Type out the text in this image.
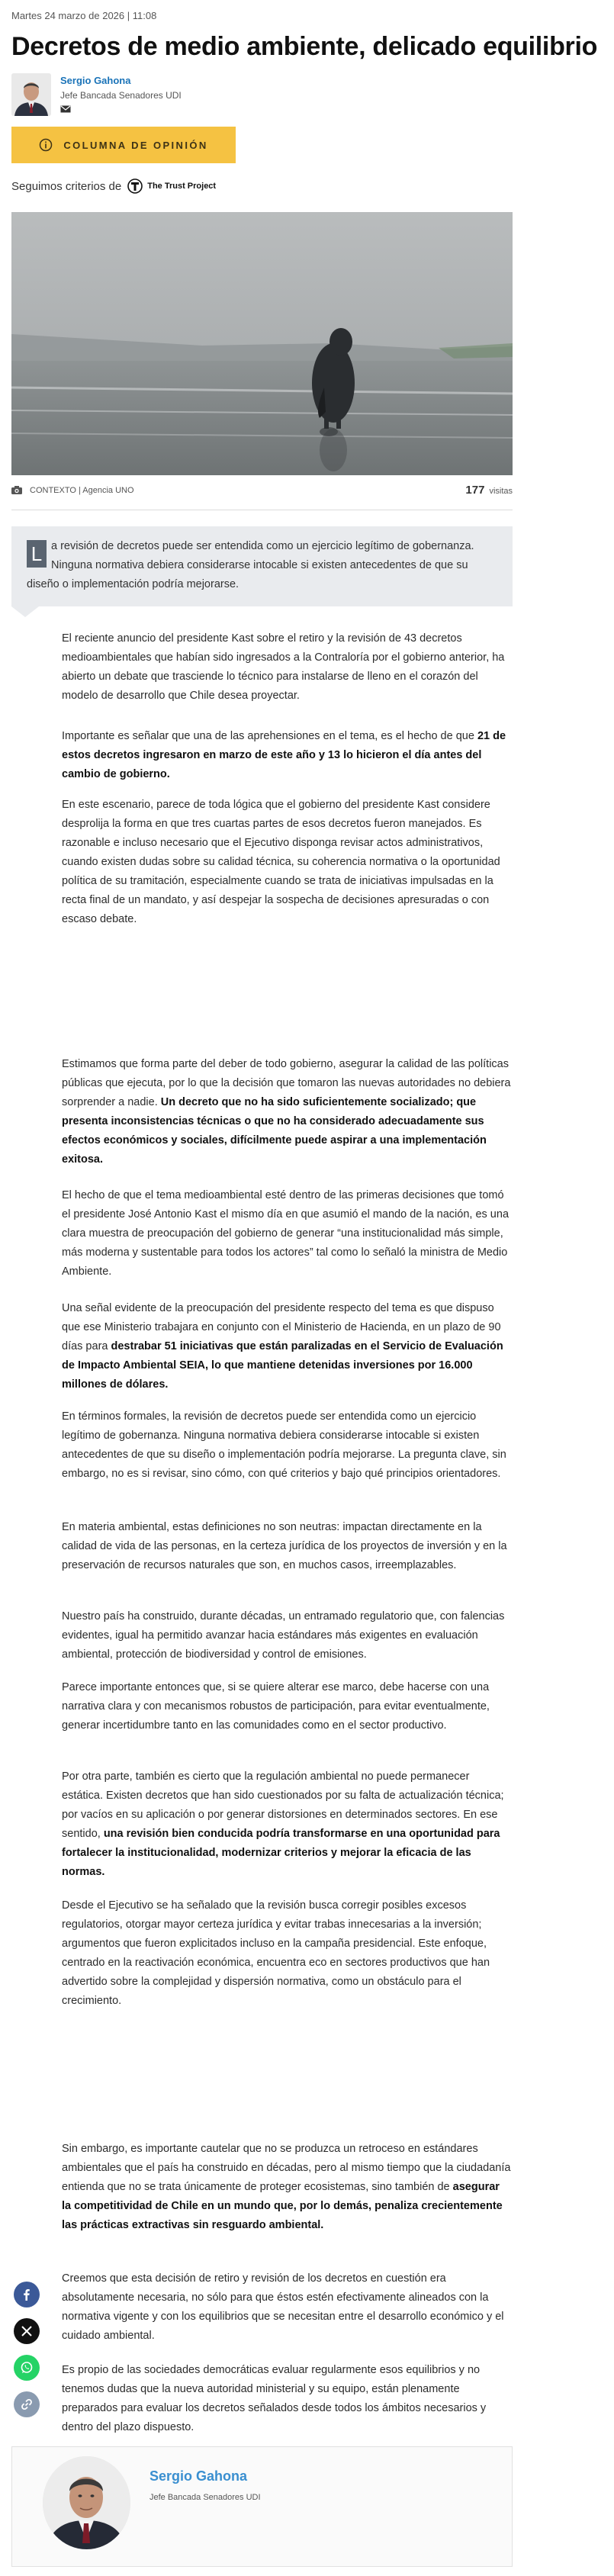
Martes 24 marzo de 2026 | 11:08
Decretos de medio ambiente, delicado equilibrio
Sergio Gahona
Jefe Bancada Senadores UDI
COLUMNA DE OPINIÓN
Seguimos criterios de	The Trust Project
CONTEXTO | Agencia UNO	177 visitas
L a revisión de decretos puede ser entendida como un ejercicio legítimo de gobernanza. Ninguna normativa debiera considerarse intocable si existen antecedentes de que su diseño o implementación podría mejorarse.

El reciente anuncio del presidente Kast sobre el retiro y la revisión de 43 decretos medioambientales que habían sido ingresados a la Contraloría por el gobierno anterior, ha abierto un debate que trasciende lo técnico para instalarse de lleno en el corazón del modelo de desarrollo que Chile desea proyectar.
Importante es señalar que una de las aprehensiones en el tema, es el hecho de que 21 de estos decretos ingresaron en marzo de este año y 13 lo hicieron el día antes del cambio de gobierno.
En este escenario, parece de toda lógica que el gobierno del presidente Kast considere desprolija la forma en que tres cuartas partes de esos decretos fueron manejados. Es razonable e incluso necesario que el Ejecutivo disponga revisar actos administrativos, cuando existen dudas sobre su calidad técnica, su coherencia normativa o la oportunidad política de su tramitación, especialmente cuando se trata de iniciativas impulsadas en la recta final de un mandato, y así despejar la sospecha de decisiones apresuradas o con escaso debate.
Estimamos que forma parte del deber de todo gobierno, asegurar la calidad de las políticas públicas que ejecuta, por lo que la decisión que tomaron las nuevas autoridades no debiera sorprender a nadie. Un decreto que no ha sido suficientemente socializado; que presenta inconsistencias técnicas o que no ha considerado adecuadamente sus efectos económicos y sociales, difícilmente puede aspirar a una implementación exitosa.
El hecho de que el tema medioambiental esté dentro de las primeras decisiones que tomó el presidente José Antonio Kast el mismo día en que asumió el mando de la nación, es una clara muestra de preocupación del gobierno de generar “una institucionalidad más simple, más moderna y sustentable para todos los actores” tal como lo señaló la ministra de Medio Ambiente.
Una señal evidente de la preocupación del presidente respecto del tema es que dispuso que ese Ministerio trabajara en conjunto con el Ministerio de Hacienda, en un plazo de 90 días para destrabar 51 iniciativas que están paralizadas en el Servicio de Evaluación de Impacto Ambiental SEIA, lo que mantiene detenidas inversiones por 16.000 millones de dólares.
En términos formales, la revisión de decretos puede ser entendida como un ejercicio legítimo de gobernanza. Ninguna normativa debiera considerarse intocable si existen antecedentes de que su diseño o implementación podría mejorarse. La pregunta clave, sin embargo, no es si revisar, sino cómo, con qué criterios y bajo qué principios orientadores.
En materia ambiental, estas definiciones no son neutras: impactan directamente en la calidad de vida de las personas, en la certeza jurídica de los proyectos de inversión y en la preservación de recursos naturales que son, en muchos casos, irreemplazables.
Nuestro país ha construido, durante décadas, un entramado regulatorio que, con falencias evidentes, igual ha permitido avanzar hacia estándares más exigentes en evaluación ambiental, protección de biodiversidad y control de emisiones.
Parece importante entonces que, si se quiere alterar ese marco, debe hacerse con una narrativa clara y con mecanismos robustos de participación, para evitar eventualmente, generar incertidumbre tanto en las comunidades como en el sector productivo.
Por otra parte, también es cierto que la regulación ambiental no puede permanecer estática. Existen decretos que han sido cuestionados por su falta de actualización técnica; por vacíos en su aplicación o por generar distorsiones en determinados sectores. En ese sentido, una revisión bien conducida podría transformarse en una oportunidad para fortalecer la institucionalidad, modernizar criterios y mejorar la eficacia de las normas.
Desde el Ejecutivo se ha señalado que la revisión busca corregir posibles excesos regulatorios, otorgar mayor certeza jurídica y evitar trabas innecesarias a la inversión; argumentos que fueron explicitados incluso en la campaña presidencial. Este enfoque, centrado en la reactivación económica, encuentra eco en sectores productivos que han advertido sobre la complejidad y dispersión normativa, como un obstáculo para el crecimiento.
Sin embargo, es importante cautelar que no se produzca un retroceso en estándares ambientales que el país ha construido en décadas, pero al mismo tiempo que la ciudadanía entienda que no se trata únicamente de proteger ecosistemas, sino también de asegurar la competitividad de Chile en un mundo que, por lo demás, penaliza crecientemente las prácticas extractivas sin resguardo ambiental.
Creemos que esta decisión de retiro y revisión de los decretos en cuestión era absolutamente necesaria, no sólo para que éstos estén efectivamente alineados con la normativa vigente y con los equilibrios que se necesitan entre el desarrollo económico y el cuidado ambiental.
Es propio de las sociedades democráticas evaluar regularmente esos equilibrios y no tenemos dudas que la nueva autoridad ministerial y su equipo, están plenamente preparados para evaluar los decretos señalados desde todos los ámbitos necesarios y dentro del plazo dispuesto.
Sergio Gahona
Jefe Bancada Senadores UDI
